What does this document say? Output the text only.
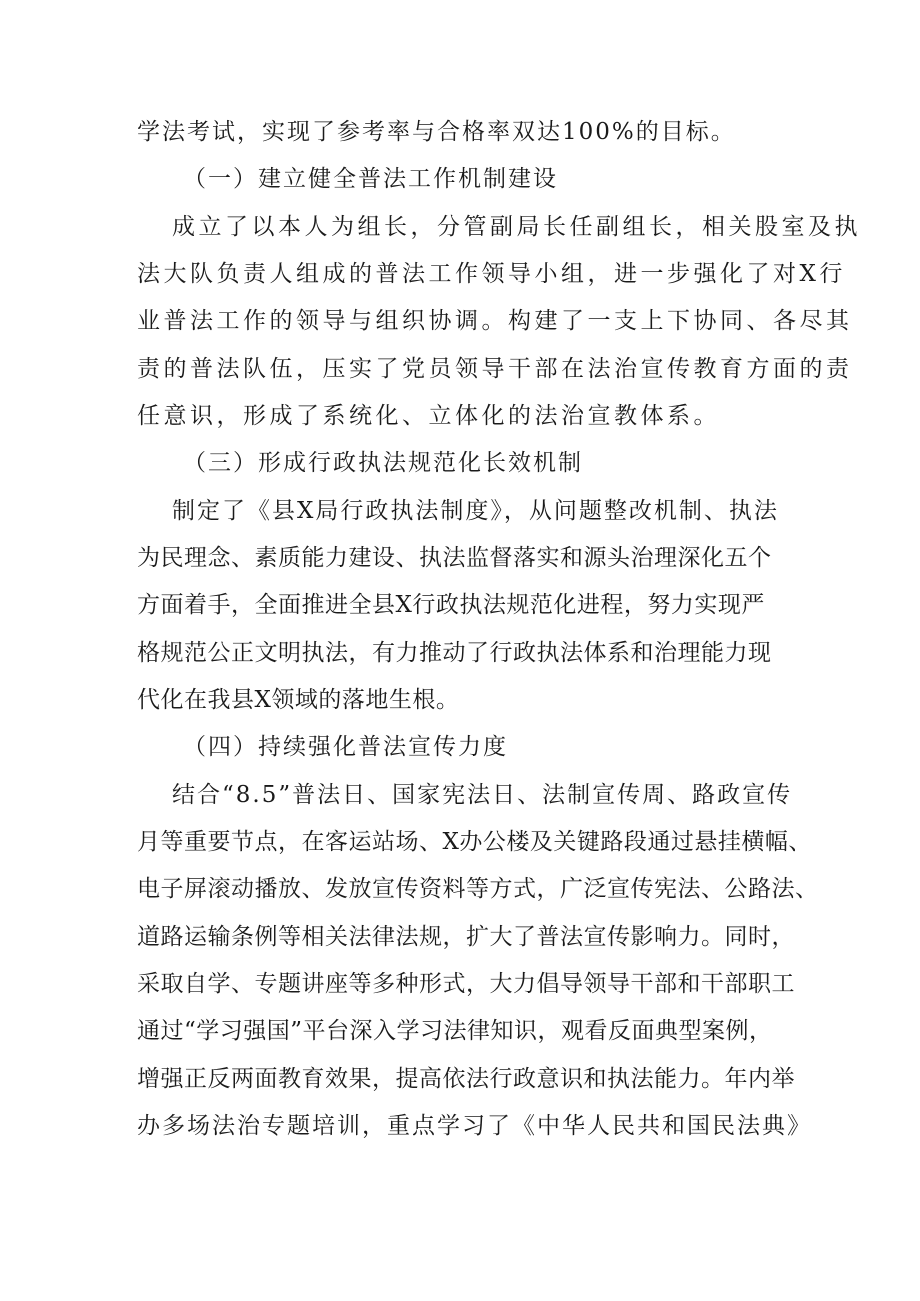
学法考试，实现了参考率与合格率双达100%的目标。
（一）建立健全普法工作机制建设
成立了以本人为组长，分管副局长任副组长，相关股室及执
法大队负责人组成的普法工作领导小组，进一步强化了对X行
业普法工作的领导与组织协调。构建了一支上下协同、各尽其
责的普法队伍，压实了党员领导干部在法治宣传教育方面的责
任意识，形成了系统化、立体化的法治宣教体系。
（三）形成行政执法规范化长效机制
制定了《县X局行政执法制度》，从问题整改机制、执法
为民理念、素质能力建设、执法监督落实和源头治理深化五个
方面着手，全面推进全县X行政执法规范化进程，努力实现严
格规范公正文明执法，有力推动了行政执法体系和治理能力现
代化在我县X领域的落地生根。
（四）持续强化普法宣传力度
结合“8.5”普法日、国家宪法日、法制宣传周、路政宣传
月等重要节点，在客运站场、X办公楼及关键路段通过悬挂横幅、
电子屏滚动播放、发放宣传资料等方式，广泛宣传宪法、公路法、
道路运输条例等相关法律法规，扩大了普法宣传影响力。同时，
采取自学、专题讲座等多种形式，大力倡导领导干部和干部职工
通过“学习强国”平台深入学习法律知识，观看反面典型案例，
增强正反两面教育效果，提高依法行政意识和执法能力。年内举
办多场法治专题培训，重点学习了《中华人民共和国民法典》
